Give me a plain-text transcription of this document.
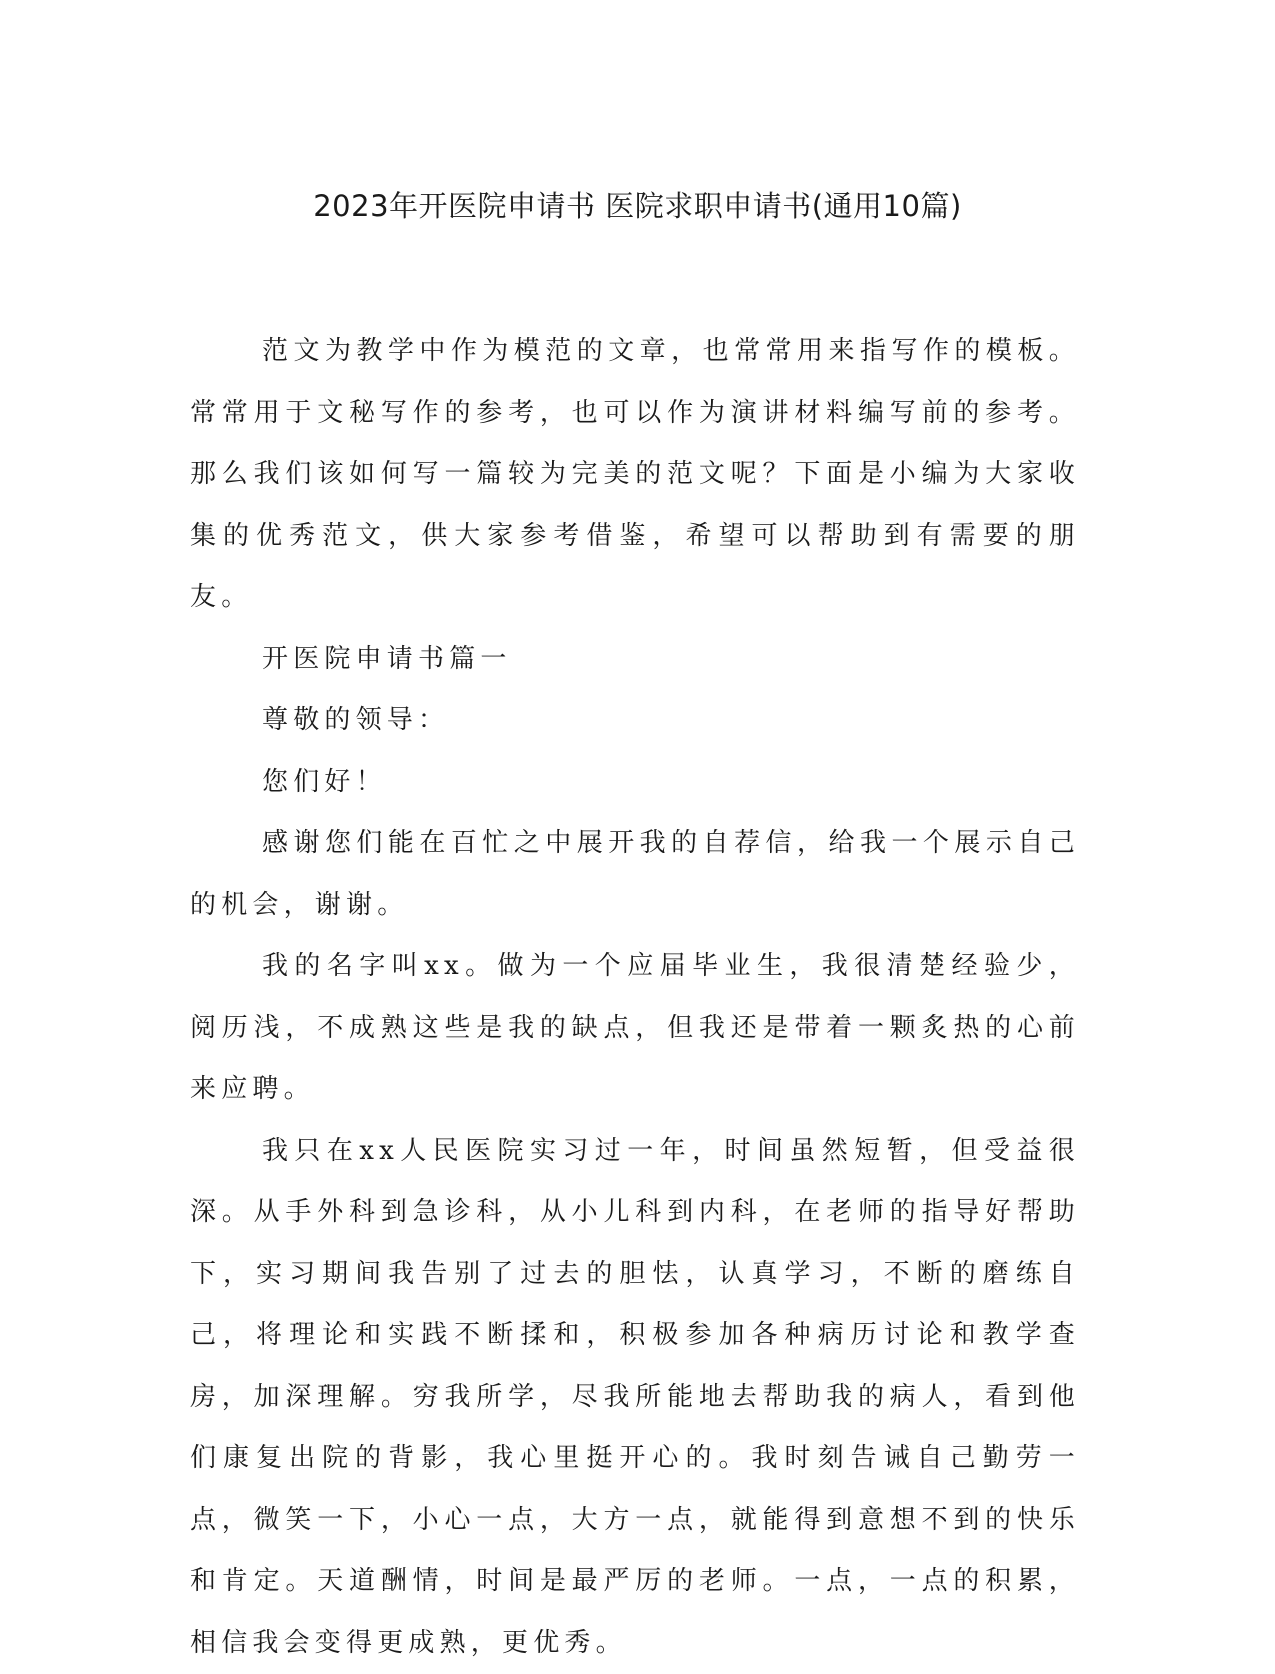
2023年开医院申请书 医院求职申请书(通用10篇)

范文为教学中作为模范的文章，也常常用来指写作的模板。常常用于文秘写作的参考，也可以作为演讲材料编写前的参考。那么我们该如何写一篇较为完美的范文呢？下面是小编为大家收集的优秀范文，供大家参考借鉴，希望可以帮助到有需要的朋友。

开医院申请书篇一

尊敬的领导：

您们好！

感谢您们能在百忙之中展开我的自荐信，给我一个展示自己的机会，谢谢。

我的名字叫xx。做为一个应届毕业生，我很清楚经验少，阅历浅，不成熟这些是我的缺点，但我还是带着一颗炙热的心前来应聘。

我只在xx人民医院实习过一年，时间虽然短暂，但受益很深。从手外科到急诊科，从小儿科到内科，在老师的指导好帮助下，实习期间我告别了过去的胆怯，认真学习，不断的磨练自己，将理论和实践不断揉和，积极参加各种病历讨论和教学查房，加深理解。穷我所学，尽我所能地去帮助我的病人，看到他们康复出院的背影，我心里挺开心的。我时刻告诫自己勤劳一点，微笑一下，小心一点，大方一点，就能得到意想不到的快乐和肯定。天道酬情，时间是最严厉的老师。一点，一点的积累，相信我会变得更成熟，更优秀。
